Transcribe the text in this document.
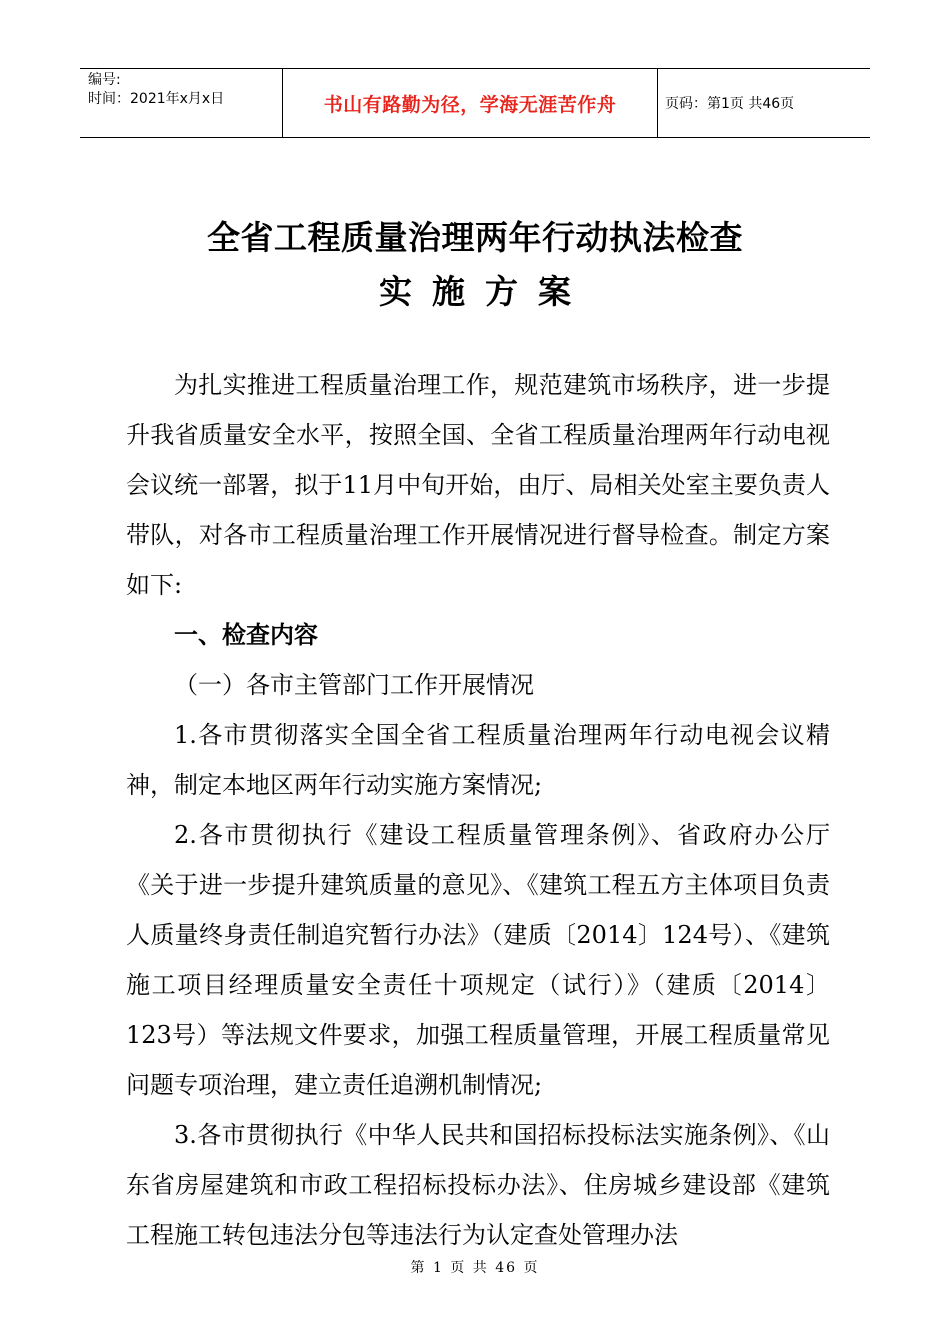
编号:
时间：2021年x月x日	书山有路勤为径，学海无涯苦作舟	页码：第1页 共46页
全省工程质量治理两年行动执法检查
实施方案

为扎实推进工程质量治理工作，规范建筑市场秩序，进一步提升我省质量安全水平，按照全国、全省工程质量治理两年行动电视会议统一部署，拟于11月中旬开始，由厅、局相关处室主要负责人带队，对各市工程质量治理工作开展情况进行督导检查。制定方案如下:

一、检查内容

（一）各市主管部门工作开展情况

1.各市贯彻落实全国全省工程质量治理两年行动电视会议精神，制定本地区两年行动实施方案情况;

2.各市贯彻执行《建设工程质量管理条例》、省政府办公厅《关于进一步提升建筑质量的意见》、《建筑工程五方主体项目负责人质量终身责任制追究暂行办法》（建质〔2014〕124号）、《建筑施工项目经理质量安全责任十项规定（试行）》（建质〔2014〕123号）等法规文件要求，加强工程质量管理，开展工程质量常见问题专项治理，建立责任追溯机制情况;

3.各市贯彻执行《中华人民共和国招标投标法实施条例》、《山东省房屋建筑和市政工程招标投标办法》、住房城乡建设部《建筑工程施工转包违法分包等违法行为认定查处管理办法

第 1 页 共 46 页
